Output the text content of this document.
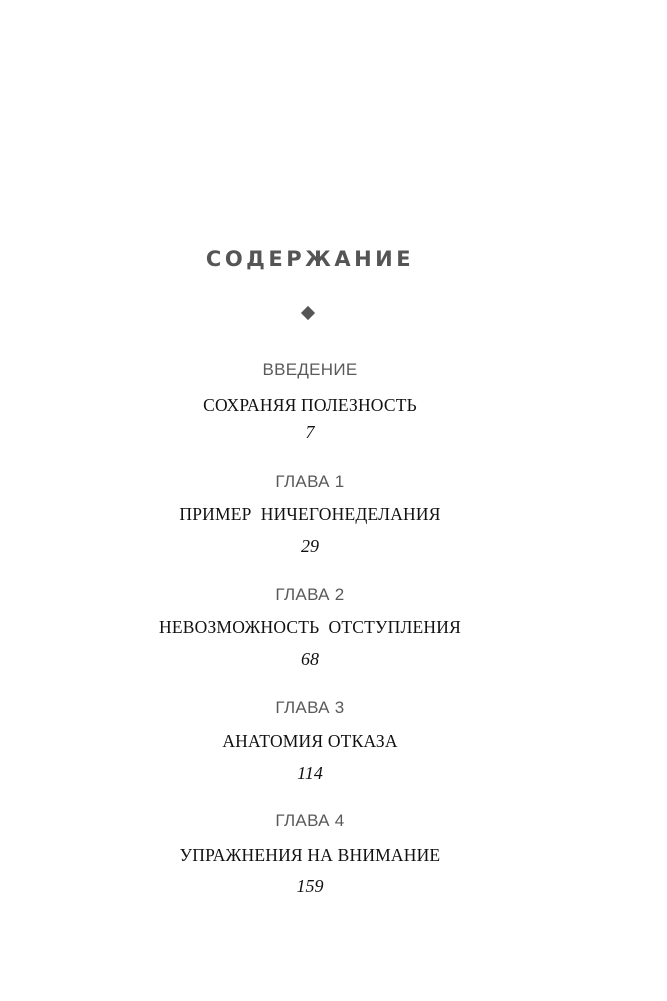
СОДЕРЖАНИЕ
ВВЕДЕНИЕ
СОХРАНЯЯ ПОЛЕЗНОСТЬ
7
ГЛАВА 1
ПРИМЕР  НИЧЕГОНЕДЕЛАНИЯ
29
ГЛАВА 2
НЕВОЗМОЖНОСТЬ  ОТСТУПЛЕНИЯ
68
ГЛАВА 3
АНАТОМИЯ ОТКАЗА
114
ГЛАВА 4
УПРАЖНЕНИЯ НА ВНИМАНИЕ
159
